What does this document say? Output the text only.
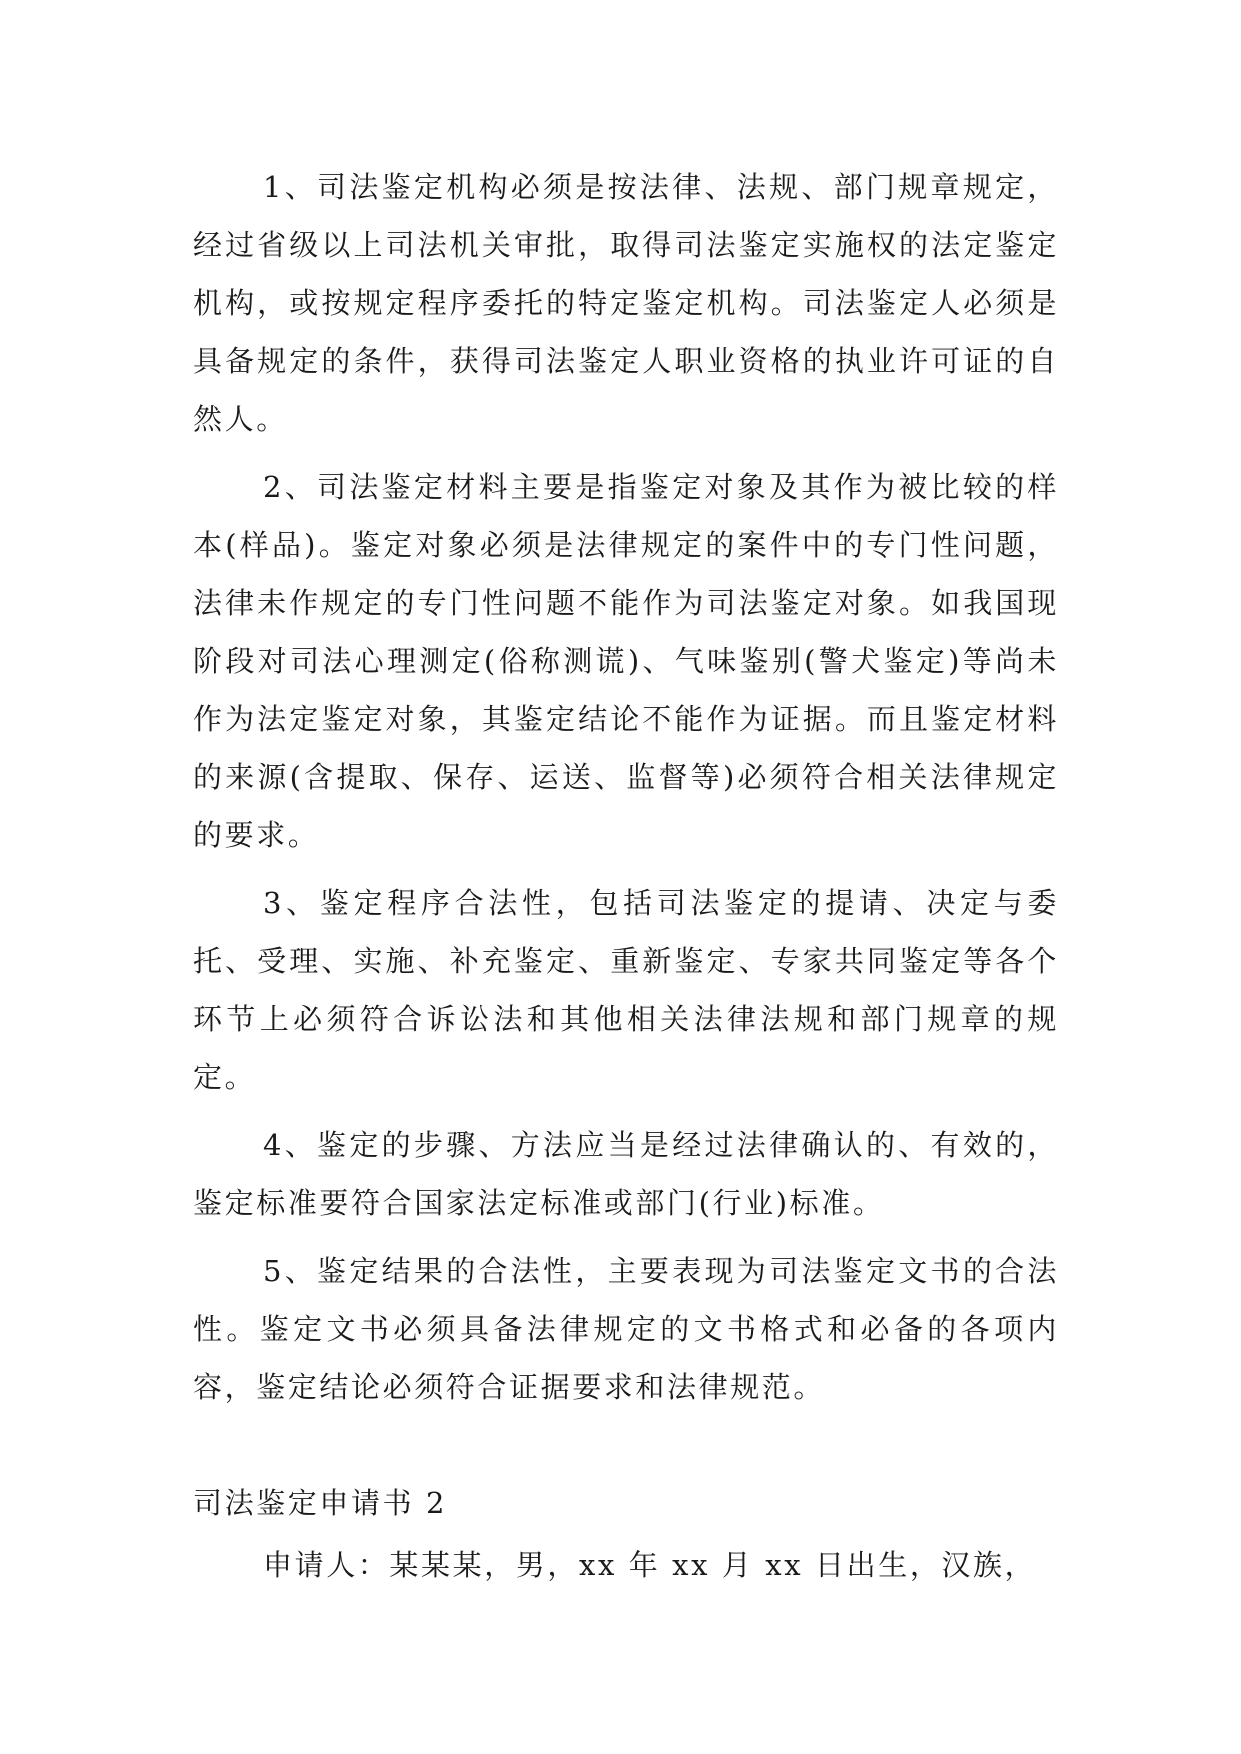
1、司法鉴定机构必须是按法律、法规、部门规章规定，经过省级以上司法机关审批，取得司法鉴定实施权的法定鉴定机构，或按规定程序委托的特定鉴定机构。司法鉴定人必须是具备规定的条件，获得司法鉴定人职业资格的执业许可证的自然人。

2、司法鉴定材料主要是指鉴定对象及其作为被比较的样本(样品)。鉴定对象必须是法律规定的案件中的专门性问题，法律未作规定的专门性问题不能作为司法鉴定对象。如我国现阶段对司法心理测定(俗称测谎)、气味鉴别(警犬鉴定)等尚未作为法定鉴定对象，其鉴定结论不能作为证据。而且鉴定材料的来源(含提取、保存、运送、监督等)必须符合相关法律规定的要求。

3、鉴定程序合法性，包括司法鉴定的提请、决定与委托、受理、实施、补充鉴定、重新鉴定、专家共同鉴定等各个环节上必须符合诉讼法和其他相关法律法规和部门规章的规定。

4、鉴定的步骤、方法应当是经过法律确认的、有效的，鉴定标准要符合国家法定标准或部门(行业)标准。

5、鉴定结果的合法性，主要表现为司法鉴定文书的合法性。鉴定文书必须具备法律规定的文书格式和必备的各项内容，鉴定结论必须符合证据要求和法律规范。

司法鉴定申请书 2

申请人：某某某，男，xx 年 xx 月 xx 日出生，汉族，
